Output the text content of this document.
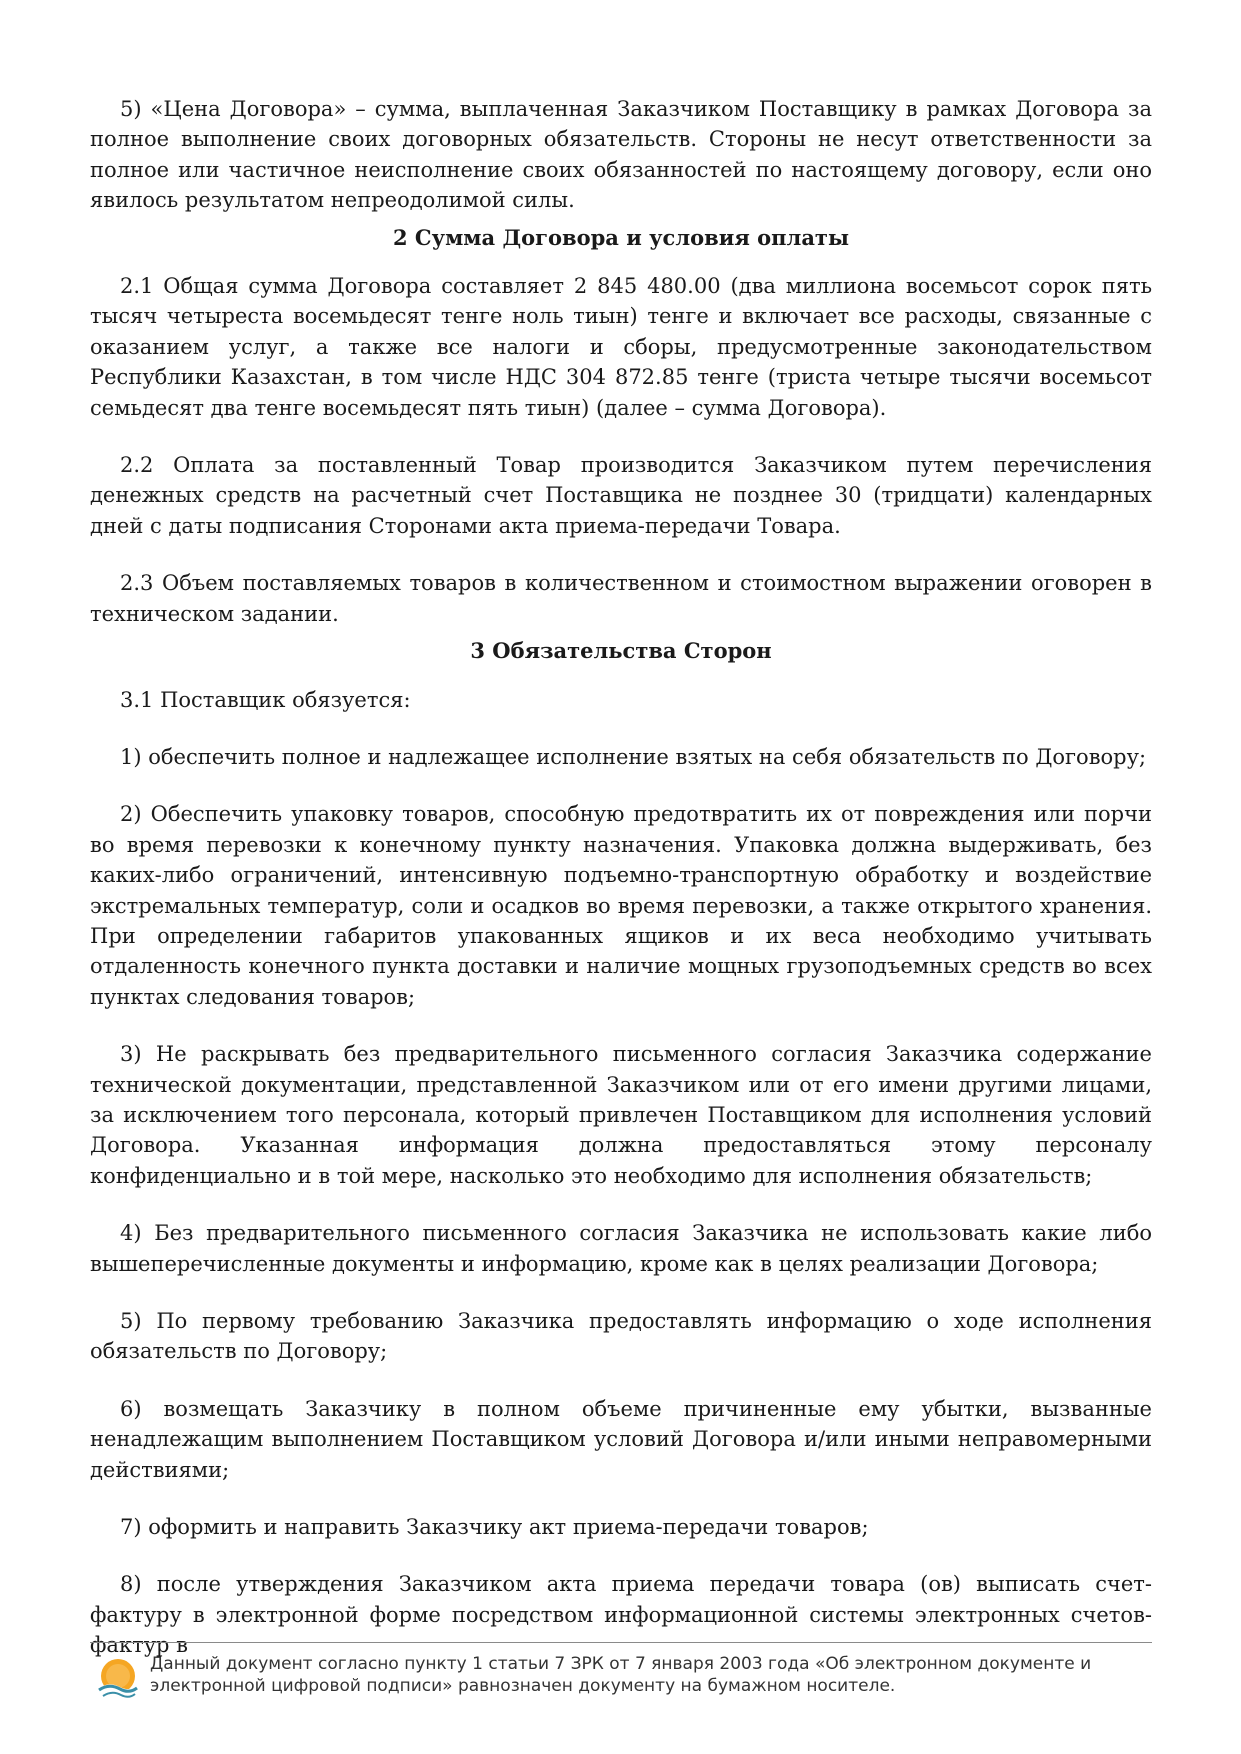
5) «Цена Договора» – сумма, выплаченная Заказчиком Поставщику в рамках Договора за полное выполнение своих договорных обязательств. Стороны не несут ответственности за полное или частичное неисполнение своих обязанностей по настоящему договору, если оно явилось результатом непреодолимой силы.

2 Сумма Договора и условия оплаты

2.1 Общая сумма Договора составляет 2 845 480.00 (два миллиона восемьсот сорок пять тысяч четыреста восемьдесят тенге ноль тиын) тенге и включает все расходы, связанные с оказанием услуг, а также все налоги и сборы, предусмотренные законодательством Республики Казахстан, в том числе НДС 304 872.85 тенге (триста четыре тысячи восемьсот семьдесят два тенге восемьдесят пять тиын) (далее – сумма Договора).

2.2 Оплата за поставленный Товар производится Заказчиком путем перечисления денежных средств на расчетный счет Поставщика не позднее 30 (тридцати) календарных дней с даты подписания Сторонами акта приема-передачи Товара.

2.3 Объем поставляемых товаров в количественном и стоимостном выражении оговорен в техническом задании.

3 Обязательства Сторон

3.1 Поставщик обязуется:

1) обеспечить полное и надлежащее исполнение взятых на себя обязательств по Договору;

2) Обеспечить упаковку товаров, способную предотвратить их от повреждения или порчи во время перевозки к конечному пункту назначения. Упаковка должна выдерживать, без каких-либо ограничений, интенсивную подъемно-транспортную обработку и воздействие экстремальных температур, соли и осадков во время перевозки, а также открытого хранения. При определении габаритов упакованных ящиков и их веса необходимо учитывать отдаленность конечного пункта доставки и наличие мощных грузоподъемных средств во всех пунктах следования товаров;

3) Не раскрывать без предварительного письменного согласия Заказчика содержание технической документации, представленной Заказчиком или от его имени другими лицами, за исключением того персонала, который привлечен Поставщиком для исполнения условий Договора. Указанная информация должна предоставляться этому персоналу конфиденциально и в той мере, насколько это необходимо для исполнения обязательств;

4) Без предварительного письменного согласия Заказчика не использовать какие либо вышеперечисленные документы и информацию, кроме как в целях реализации Договора;

5) По первому требованию Заказчика предоставлять информацию о ходе исполнения обязательств по Договору;

6) возмещать Заказчику в полном объеме причиненные ему убытки, вызванные ненадлежащим выполнением Поставщиком условий Договора и/или иными неправомерными действиями;

7) оформить и направить Заказчику акт приема-передачи товаров;

8) после утверждения Заказчиком акта приема передачи товара (ов) выписать счет-фактуру в электронной форме посредством информационной системы электронных счетов-фактур в

Данный документ согласно пункту 1 статьи 7 ЗРК от 7 января 2003 года «Об электронном документе и электронной цифровой подписи» равнозначен документу на бумажном носителе.
